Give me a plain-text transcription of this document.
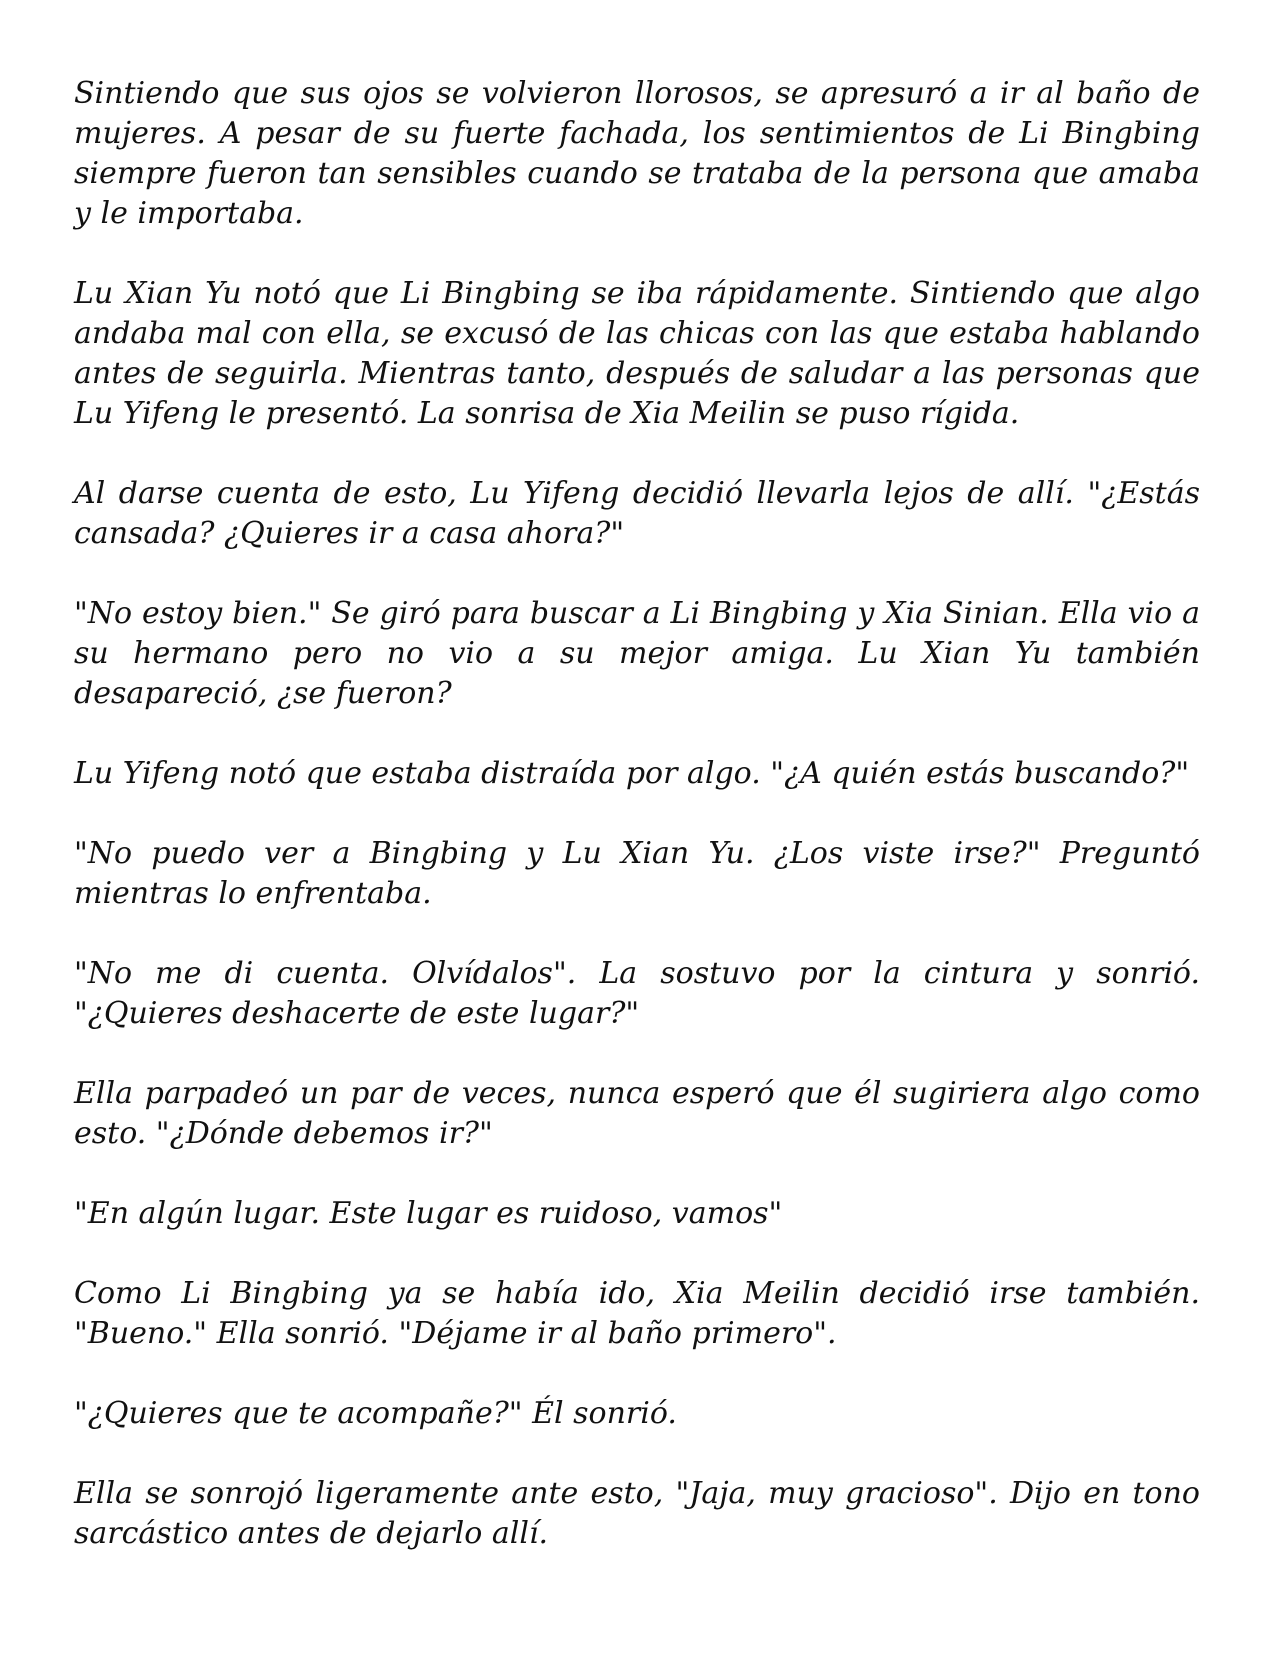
Sintiendo que sus ojos se volvieron llorosos, se apresuró a ir al baño de mujeres. A pesar de su fuerte fachada, los sentimientos de Li Bingbing siempre fueron tan sensibles cuando se trataba de la persona que amaba y le importaba.

Lu Xian Yu notó que Li Bingbing se iba rápidamente. Sintiendo que algo andaba mal con ella, se excusó de las chicas con las que estaba hablando antes de seguirla. Mientras tanto, después de saludar a las personas que Lu Yifeng le presentó. La sonrisa de Xia Meilin se puso rígida.

Al darse cuenta de esto, Lu Yifeng decidió llevarla lejos de allí. "¿Estás cansada? ¿Quieres ir a casa ahora?"

"No estoy bien." Se giró para buscar a Li Bingbing y Xia Sinian. Ella vio a su hermano pero no vio a su mejor amiga. Lu Xian Yu también desapareció, ¿se fueron?

Lu Yifeng notó que estaba distraída por algo. "¿A quién estás buscando?"

"No puedo ver a Bingbing y Lu Xian Yu. ¿Los viste irse?" Preguntó mientras lo enfrentaba.

"No me di cuenta. Olvídalos". La sostuvo por la cintura y sonrió. "¿Quieres deshacerte de este lugar?"

Ella parpadeó un par de veces, nunca esperó que él sugiriera algo como esto. "¿Dónde debemos ir?"

"En algún lugar. Este lugar es ruidoso, vamos"

Como Li Bingbing ya se había ido, Xia Meilin decidió irse también. "Bueno." Ella sonrió. "Déjame ir al baño primero".

"¿Quieres que te acompañe?" Él sonrió.

Ella se sonrojó ligeramente ante esto, "Jaja, muy gracioso". Dijo en tono sarcástico antes de dejarlo allí.
